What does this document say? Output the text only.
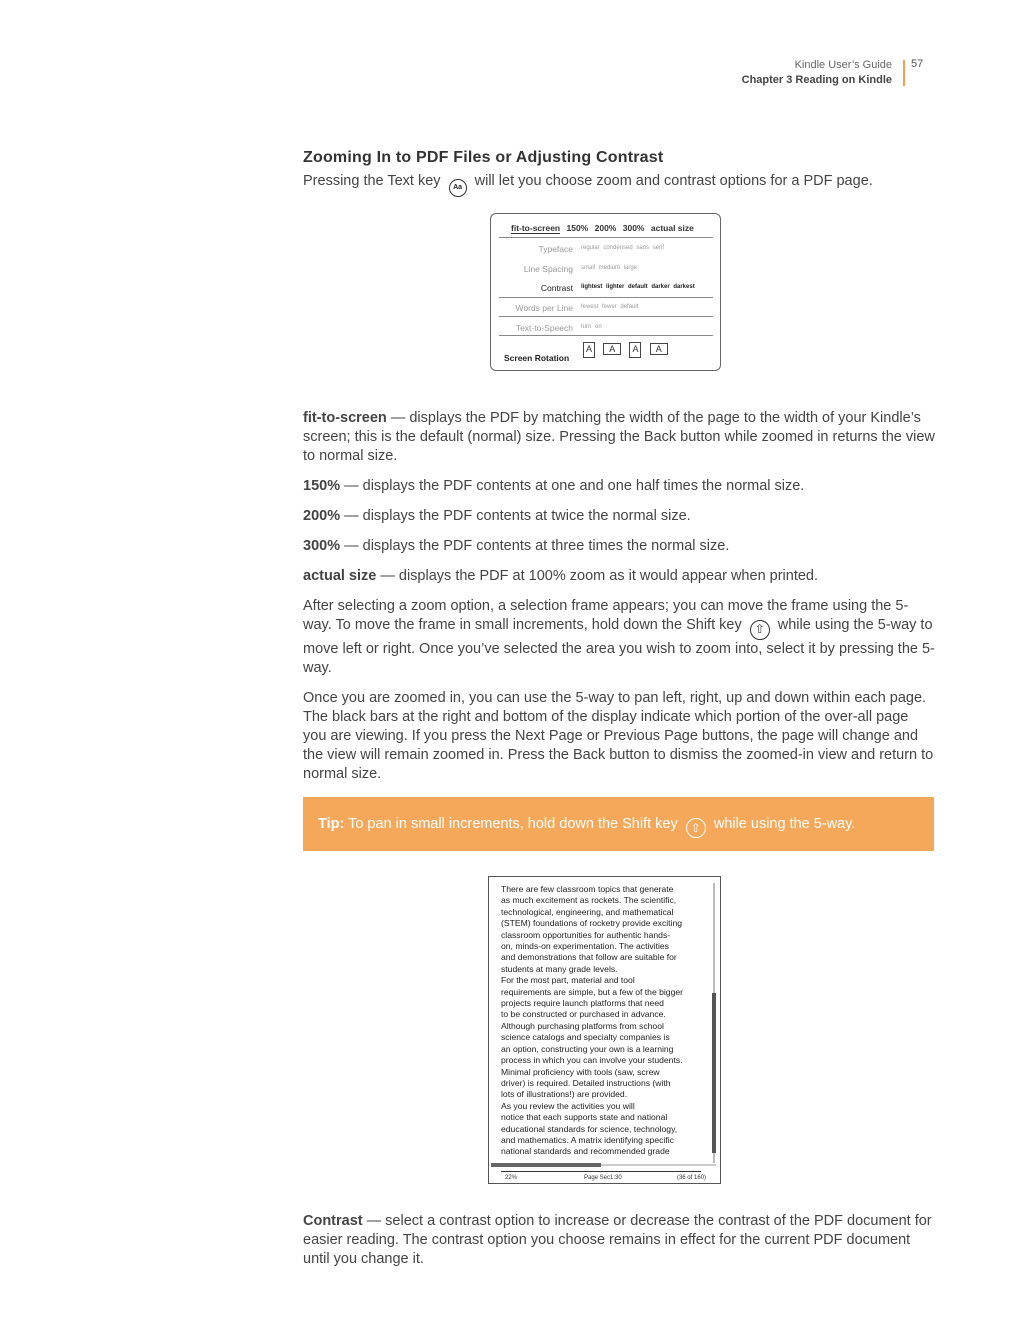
Kindle User’s Guide
Chapter 3 Reading on Kindle
57
Zooming In to PDF Files or Adjusting Contrast

Pressing the Text key Aa will let you choose zoom and contrast options for a PDF page.

fit-to-screen 150% 200% 300% actual size
Typeface regular condensed sans serif
Line Spacing small medium large
Contrast lightest lighter default darker darkest
Words per Line fewest fewer default
Text-to-Speech turn on
Screen Rotation
A A A A

fit-to-screen — displays the PDF by matching the width of the page to the width of your Kindle’s screen; this is the default (normal) size. Pressing the Back button while zoomed in returns the view to normal size.

150% — displays the PDF contents at one and one half times the normal size.

200% — displays the PDF contents at twice the normal size.

300% — displays the PDF contents at three times the normal size.

actual size — displays the PDF at 100% zoom as it would appear when printed.

After selecting a zoom option, a selection frame appears; you can move the frame using the 5-way. To move the frame in small increments, hold down the Shift key ⇧ while using the 5-way to move left or right. Once you’ve selected the area you wish to zoom into, select it by pressing the 5-way.

Once you are zoomed in, you can use the 5-way to pan left, right, up and down within each page. The black bars at the right and bottom of the display indicate which portion of the over-all page you are viewing. If you press the Next Page or Previous Page buttons, the page will change and the view will remain zoomed in. Press the Back button to dismiss the zoomed-in view and return to normal size.

Tip: To pan in small increments, hold down the Shift key ⇧ while using the 5-way.
There are few classroom topics that generate
as much excitement as rockets. The scientific,
technological, engineering, and mathematical
(STEM) foundations of rocketry provide exciting
classroom opportunities for authentic hands-
on, minds-on experimentation. The activities
and demonstrations that follow are suitable for
students at many grade levels.
For the most part, material and tool
requirements are simple, but a few of the bigger
projects require launch platforms that need
to be constructed or purchased in advance.
Although purchasing platforms from school
science catalogs and specialty companies is
an option, constructing your own is a learning
process in which you can involve your students.
Minimal proficiency with tools (saw, screw
driver) is required. Detailed instructions (with
lots of illustrations!) are provided.
As you review the activities you will
notice that each supports state and national
educational standards for science, technology,
and mathematics. A matrix identifying specific
national standards and recommended grade
22%	Page Sec1:30	(36 of 160)

Contrast — select a contrast option to increase or decrease the contrast of the PDF document for easier reading. The contrast option you choose remains in effect for the current PDF document until you change it.
